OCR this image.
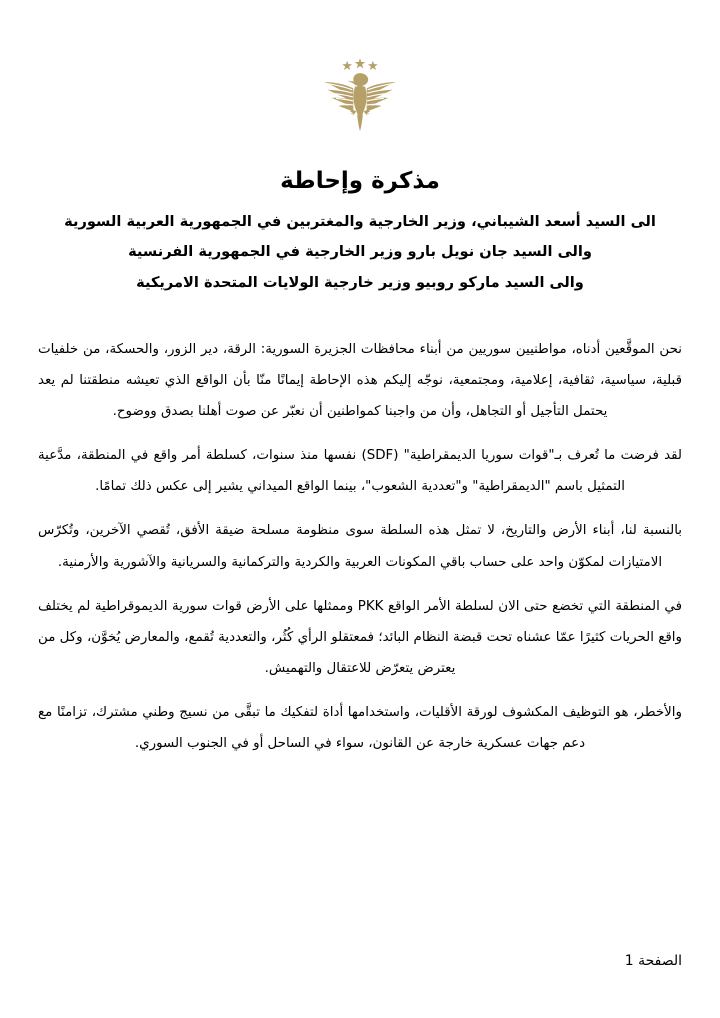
مذكرة وإحاطة
الى السيد أسعد الشيباني، وزير الخارجية والمغتربين في الجمهورية العربية السورية
والى السيد جان نويل بارو وزير الخارجية في الجمهورية الفرنسية
والى السيد ماركو روبيو وزير خارجية الولايات المتحدة الامريكية

نحن الموقَّعين أدناه، مواطنيين سوريين من أبناء محافظات الجزيرة السورية: الرقة، دير الزور، والحسكة، من خلفيات قبلية، سياسية، ثقافية، إعلامية، ومجتمعية، نوجّه إليكم هذه الإحاطة إيمانًا منّا بأن الواقع الذي تعيشه منطقتنا لم يعد يحتمل التأجيل أو التجاهل، وأن من واجبنا كمواطنين أن نعبّر عن صوت أهلنا بصدق ووضوح.

لقد فرضت ما تُعرف بـ"قوات سوريا الديمقراطية" (SDF) نفسها منذ سنوات، كسلطة أمر واقع في المنطقة، مدَّعية التمثيل باسم "الديمقراطية" و"تعددية الشعوب"، بينما الواقع الميداني يشير إلى عكس ذلك تمامًا.

بالنسبة لنا، أبناء الأرض والتاريخ، لا تمثل هذه السلطة سوى منظومة مسلحة ضيقة الأفق، تُقصي الآخرين، وتُكرّس الامتيازات لمكوّن واحد على حساب باقي المكونات العربية والكردية والتركمانية والسريانية والآشورية والأرمنية.

في المنطقة التي تخضع حتى الان لسلطة الأمر الواقع PKK وممثلها على الأرض قوات سورية الديموقراطية لم يختلف واقع الحريات كثيرًا عمّا عشناه تحت قبضة النظام البائد؛ فمعتقلو الرأي كُثُر، والتعددية تُقمع، والمعارض يُخوَّن، وكل من يعترض يتعرّض للاعتقال والتهميش.

والأخطر، هو التوظيف المكشوف لورقة الأقليات، واستخدامها أداة لتفكيك ما تبقَّى من نسيج وطني مشترك، تزامنًا مع دعم جهات عسكرية خارجة عن القانون، سواء في الساحل أو في الجنوب السوري.

الصفحة 1
